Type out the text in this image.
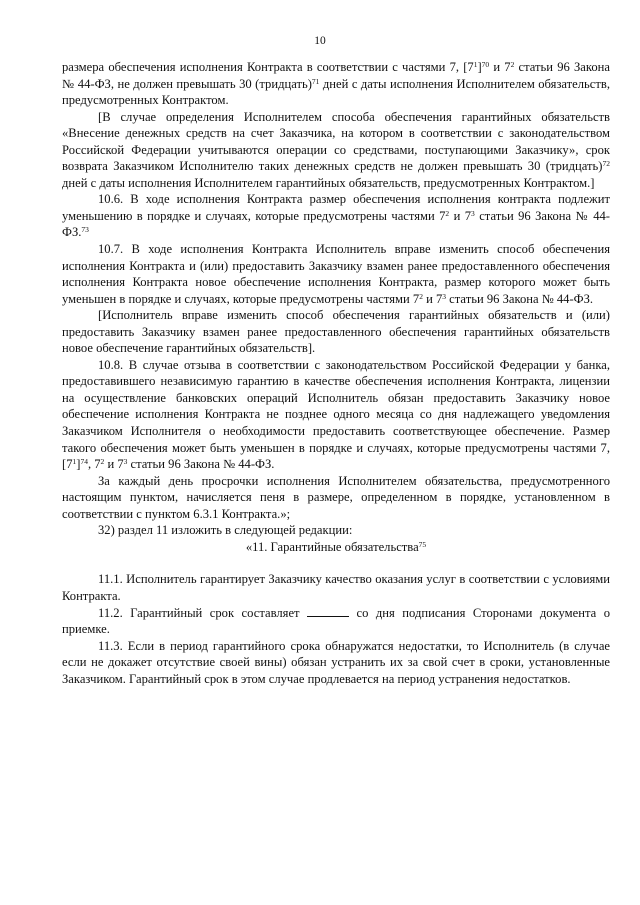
10

размера обеспечения исполнения Контракта в соответствии с частями 7, $[7^1]^{70}$ и $7^2$ статьи 96 Закона № 44-ФЗ, не должен превышать 30 (тридцать)$^{71}$ дней с даты исполнения Исполнителем обязательств, предусмотренных Контрактом.

[В случае определения Исполнителем способа обеспечения гарантийных обязательств «Внесение денежных средств на счет Заказчика, на котором в соответствии с законодательством Российской Федерации учитываются операции со средствами, поступающими Заказчику», срок возврата Заказчиком Исполнителю таких денежных средств не должен превышать 30 (тридцать)$^{72}$ дней с даты исполнения Исполнителем гарантийных обязательств, предусмотренных Контрактом.]

10.6. В ходе исполнения Контракта размер обеспечения исполнения контракта подлежит уменьшению в порядке и случаях, которые предусмотрены частями $7^2$ и $7^3$ статьи 96 Закона № 44-ФЗ.$^{73}$

10.7. В ходе исполнения Контракта Исполнитель вправе изменить способ обеспечения исполнения Контракта и (или) предоставить Заказчику взамен ранее предоставленного обеспечения исполнения Контракта новое обеспечение исполнения Контракта, размер которого может быть уменьшен в порядке и случаях, которые предусмотрены частями $7^2$ и $7^3$ статьи 96 Закона № 44-ФЗ.

[Исполнитель вправе изменить способ обеспечения гарантийных обязательств и (или) предоставить Заказчику взамен ранее предоставленного обеспечения гарантийных обязательств новое обеспечение гарантийных обязательств].

10.8. В случае отзыва в соответствии с законодательством Российской Федерации у банка, предоставившего независимую гарантию в качестве обеспечения исполнения Контракта, лицензии на осуществление банковских операций Исполнитель обязан предоставить Заказчику новое обеспечение исполнения Контракта не позднее одного месяца со дня надлежащего уведомления Заказчиком Исполнителя о необходимости предоставить соответствующее обеспечение. Размер такого обеспечения может быть уменьшен в порядке и случаях, которые предусмотрены частями 7, $[7^1]^{74}$, $7^2$ и $7^3$ статьи 96 Закона № 44-ФЗ.

За каждый день просрочки исполнения Исполнителем обязательства, предусмотренного настоящим пунктом, начисляется пеня в размере, определенном в порядке, установленном в соответствии с пунктом 6.3.1 Контракта.»;

32) раздел 11 изложить в следующей редакции:

«11. Гарантийные обязательства$^{75}$

11.1. Исполнитель гарантирует Заказчику качество оказания услуг в соответствии с условиями Контракта.

11.2. Гарантийный срок составляет	со дня подписания Сторонами документа о приемке.

11.3. Если в период гарантийного срока обнаружатся недостатки, то Исполнитель (в случае если не докажет отсутствие своей вины) обязан устранить их за свой счет в сроки, установленные Заказчиком. Гарантийный срок в этом случае продлевается на период устранения недостатков.
